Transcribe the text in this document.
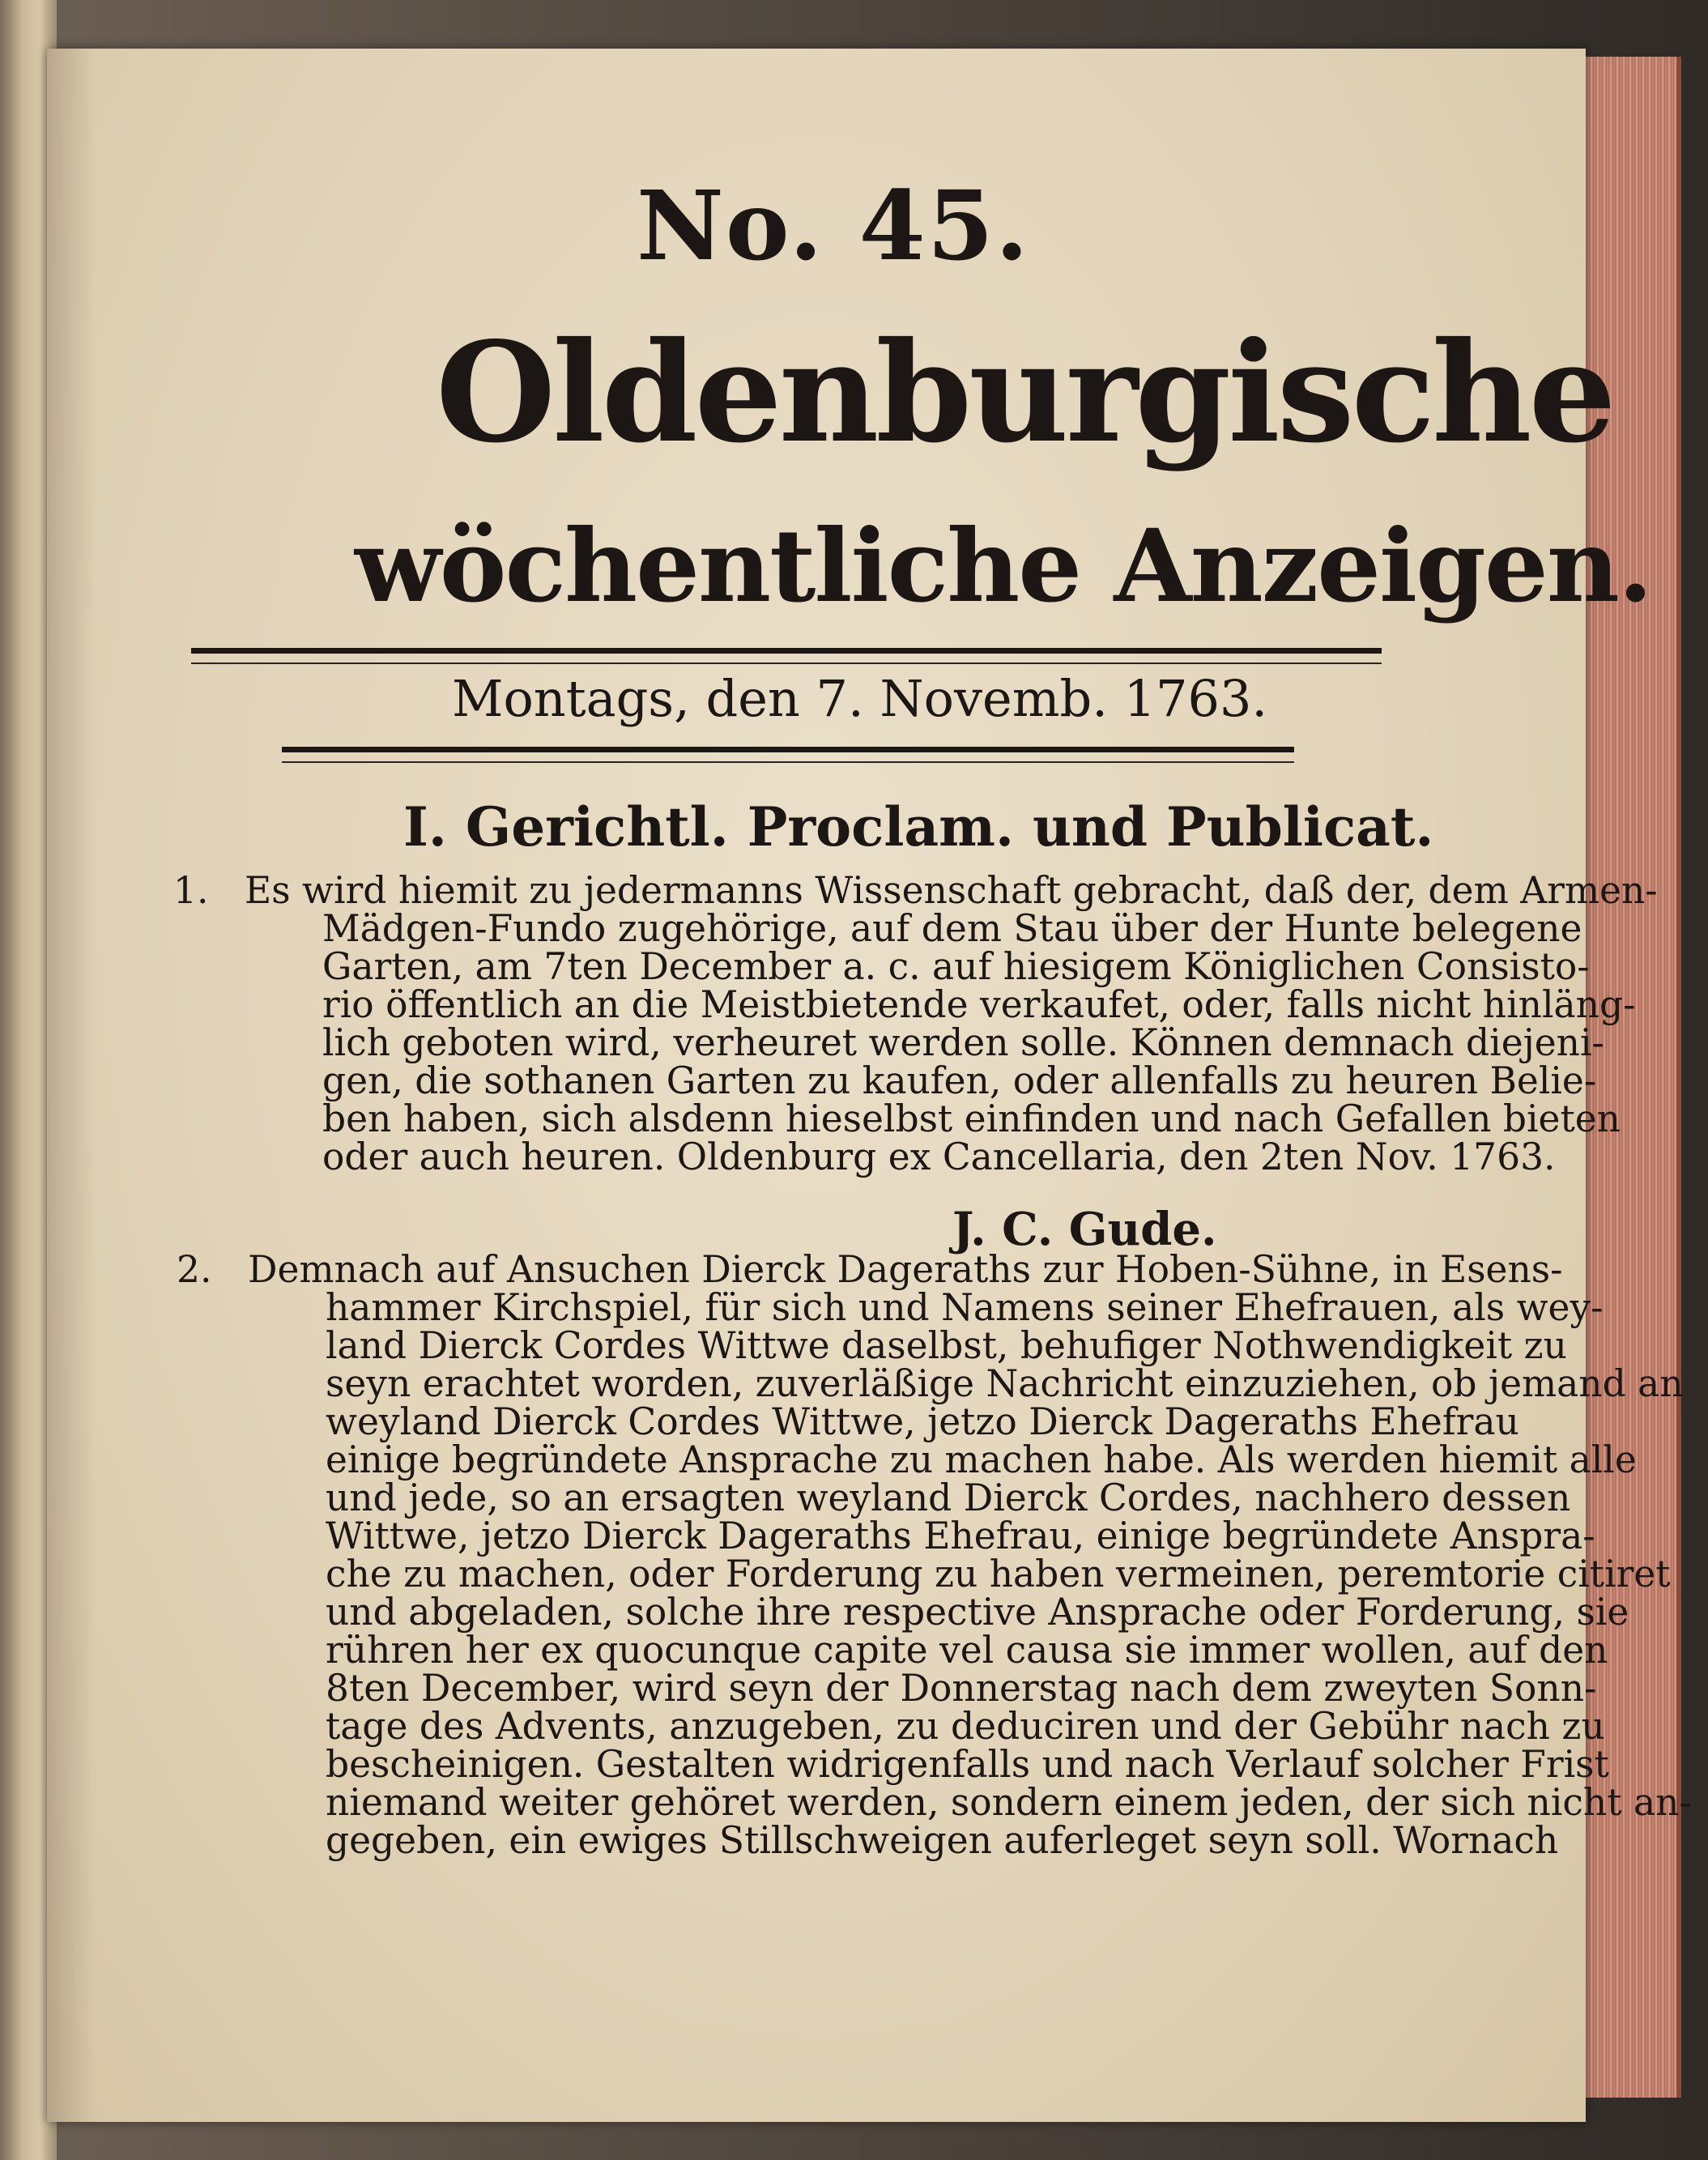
No. 45.
Oldenburgische
wöchentliche Anzeigen.
Montags, den 7. Novemb. 1763.
I. Gerichtl. Proclam. und Publicat.
1. Es wird hiemit zu jedermanns Wissenschaft gebracht, daß der, dem Armen-
Mädgen-Fundo zugehörige, auf dem Stau über der Hunte belegene
Garten, am 7ten December a. c. auf hiesigem Königlichen Consisto-
rio öffentlich an die Meistbietende verkaufet, oder, falls nicht hinläng-
lich geboten wird, verheuret werden solle. Können demnach diejeni-
gen, die sothanen Garten zu kaufen, oder allenfalls zu heuren Belie-
ben haben, sich alsdenn hieselbst einfinden und nach Gefallen bieten
oder auch heuren. Oldenburg ex Cancellaria, den 2ten Nov. 1763.
J. C. Gude.
2. Demnach auf Ansuchen Dierck Dageraths zur Hoben-Sühne, in Esens-
hammer Kirchspiel, für sich und Namens seiner Ehefrauen, als wey-
land Dierck Cordes Wittwe daselbst, behufiger Nothwendigkeit zu
seyn erachtet worden, zuverläßige Nachricht einzuziehen, ob jemand an
weyland Dierck Cordes Wittwe, jetzo Dierck Dageraths Ehefrau
einige begründete Ansprache zu machen habe. Als werden hiemit alle
und jede, so an ersagten weyland Dierck Cordes, nachhero dessen
Wittwe, jetzo Dierck Dageraths Ehefrau, einige begründete Anspra-
che zu machen, oder Forderung zu haben vermeinen, peremtorie citiret
und abgeladen, solche ihre respective Ansprache oder Forderung, sie
rühren her ex quocunque capite vel causa sie immer wollen, auf den
8ten December, wird seyn der Donnerstag nach dem zweyten Sonn-
tage des Advents, anzugeben, zu deduciren und der Gebühr nach zu
bescheinigen. Gestalten widrigenfalls und nach Verlauf solcher Frist
niemand weiter gehöret werden, sondern einem jeden, der sich nicht an-
gegeben, ein ewiges Stillschweigen auferleget seyn soll. Wornach
